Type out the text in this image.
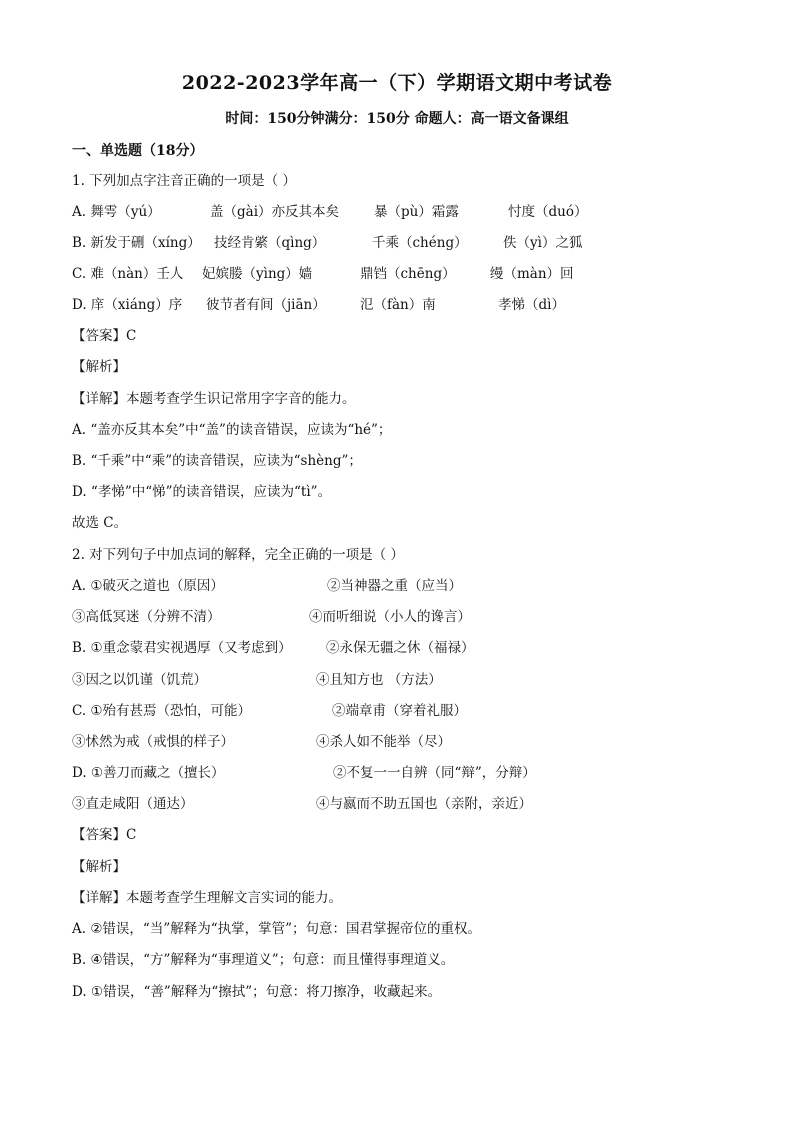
2022-2023学年高一（下）学期语文期中考试卷
时间：150分钟满分：150分 命题人：高一语文备课组
一、单选题（18分）
1. 下列加点字注音正确的一项是（ ）
A. 舞雩（yú）	盖（gài）亦反其本矣	暴（pù）霜露	忖度（duó）
B. 新发于硎（xíng） 技经肯綮（qìng）	千乘（chéng）	佚（yì）之狐
C. 难（nàn）壬人 妃嫔媵（yìng）嫱	鼎铛（chēng）	缦（màn）回
D. 庠（xiáng）序 彼节者有间（jiān）	氾（fàn）南	孝悌（dì）
【答案】C
【解析】
【详解】本题考查学生识记常用字字音的能力。
A. “盖亦反其本矣”中“盖”的读音错误，应读为“hé”；
B. “千乘”中“乘”的读音错误，应读为“shèng”；
D. “孝悌”中“悌”的读音错误，应读为“tì”。
故选 C。
2. 对下列句子中加点词的解释，完全正确的一项是（ ）
A. ①破灭之道也（原因）	②当神器之重（应当）
③高低冥迷（分辨不清）	④而听细说（小人的谗言）
B. ①重念蒙君实视遇厚（又考虑到）	②永保无疆之休（福禄）
③因之以饥谨（饥荒）	④且知方也 （方法）
C. ①殆有甚焉（恐怕，可能）	②端章甫（穿着礼服）
③怵然为戒（戒惧的样子）	④杀人如不能举（尽）
D. ①善刀而藏之（擅长）	②不复一一自辨（同“辩”，分辩）
③直走咸阳（通达）	④与嬴而不助五国也（亲附，亲近）
【答案】C
【解析】
【详解】本题考查学生理解文言实词的能力。
A. ②错误，“当”解释为“执掌，掌管”；句意：国君掌握帝位的重权。
B. ④错误，“方”解释为“事理道义”；句意：而且懂得事理道义。
D. ①错误，“善”解释为“擦拭”；句意：将刀擦净，收藏起来。
